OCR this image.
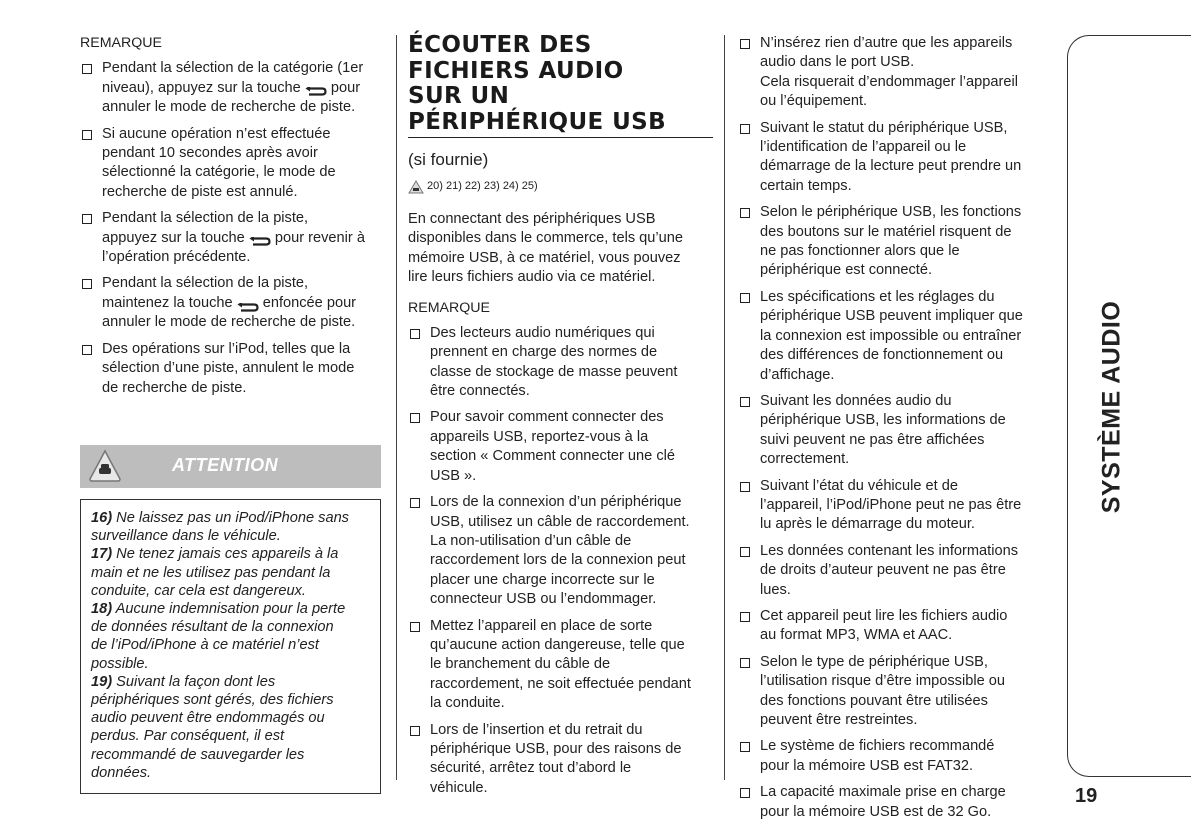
REMARQUE
Pendant la sélection de la catégorie (1er
niveau), appuyez sur la touche  pour
annuler le mode de recherche de piste.
Si aucune opération n’est effectuée
pendant 10 secondes après avoir
sélectionné la catégorie, le mode de
recherche de piste est annulé.
Pendant la sélection de la piste,
appuyez sur la touche  pour revenir à
l’opération précédente.
Pendant la sélection de la piste,
maintenez la touche  enfoncée pour
annuler le mode de recherche de piste.
Des opérations sur l’iPod, telles que la
sélection d’une piste, annulent le mode
de recherche de piste.
ATTENTION
16) Ne laissez pas un iPod/iPhone sans
surveillance dans le véhicule.
17) Ne tenez jamais ces appareils à la
main et ne les utilisez pas pendant la
conduite, car cela est dangereux.
18) Aucune indemnisation pour la perte
de données résultant de la connexion
de l’iPod/iPhone à ce matériel n’est
possible.
19) Suivant la façon dont les
périphériques sont gérés, des fichiers
audio peuvent être endommagés ou
perdus. Par conséquent, il est
recommandé de sauvegarder les
données.
ÉCOUTER DES
FICHIERS AUDIO
SUR UN
PÉRIPHÉRIQUE USB
(si fournie)
20) 21) 22) 23) 24) 25)
En connectant des périphériques USB
disponibles dans le commerce, tels qu’une
mémoire USB, à ce matériel, vous pouvez
lire leurs fichiers audio via ce matériel.
REMARQUE
Des lecteurs audio numériques qui
prennent en charge des normes de
classe de stockage de masse peuvent
être connectés.
Pour savoir comment connecter des
appareils USB, reportez-vous à la
section « Comment connecter une clé
USB ».
Lors de la connexion d’un périphérique
USB, utilisez un câble de raccordement.
La non-utilisation d’un câble de
raccordement lors de la connexion peut
placer une charge incorrecte sur le
connecteur USB ou l’endommager.
Mettez l’appareil en place de sorte
qu’aucune action dangereuse, telle que
le branchement du câble de
raccordement, ne soit effectuée pendant
la conduite.
Lors de l’insertion et du retrait du
périphérique USB, pour des raisons de
sécurité, arrêtez tout d’abord le
véhicule.
N’insérez rien d’autre que les appareils
audio dans le port USB.
Cela risquerait d’endommager l’appareil
ou l’équipement.
Suivant le statut du périphérique USB,
l’identification de l’appareil ou le
démarrage de la lecture peut prendre un
certain temps.
Selon le périphérique USB, les fonctions
des boutons sur le matériel risquent de
ne pas fonctionner alors que le
périphérique est connecté.
Les spécifications et les réglages du
périphérique USB peuvent impliquer que
la connexion est impossible ou entraîner
des différences de fonctionnement ou
d’affichage.
Suivant les données audio du
périphérique USB, les informations de
suivi peuvent ne pas être affichées
correctement.
Suivant l’état du véhicule et de
l’appareil, l’iPod/iPhone peut ne pas être
lu après le démarrage du moteur.
Les données contenant les informations
de droits d’auteur peuvent ne pas être
lues.
Cet appareil peut lire les fichiers audio
au format MP3, WMA et AAC.
Selon le type de périphérique USB,
l’utilisation risque d’être impossible ou
des fonctions pouvant être utilisées
peuvent être restreintes.
Le système de fichiers recommandé
pour la mémoire USB est FAT32.
La capacité maximale prise en charge
pour la mémoire USB est de 32 Go.
SYSTÈME AUDIO
19
